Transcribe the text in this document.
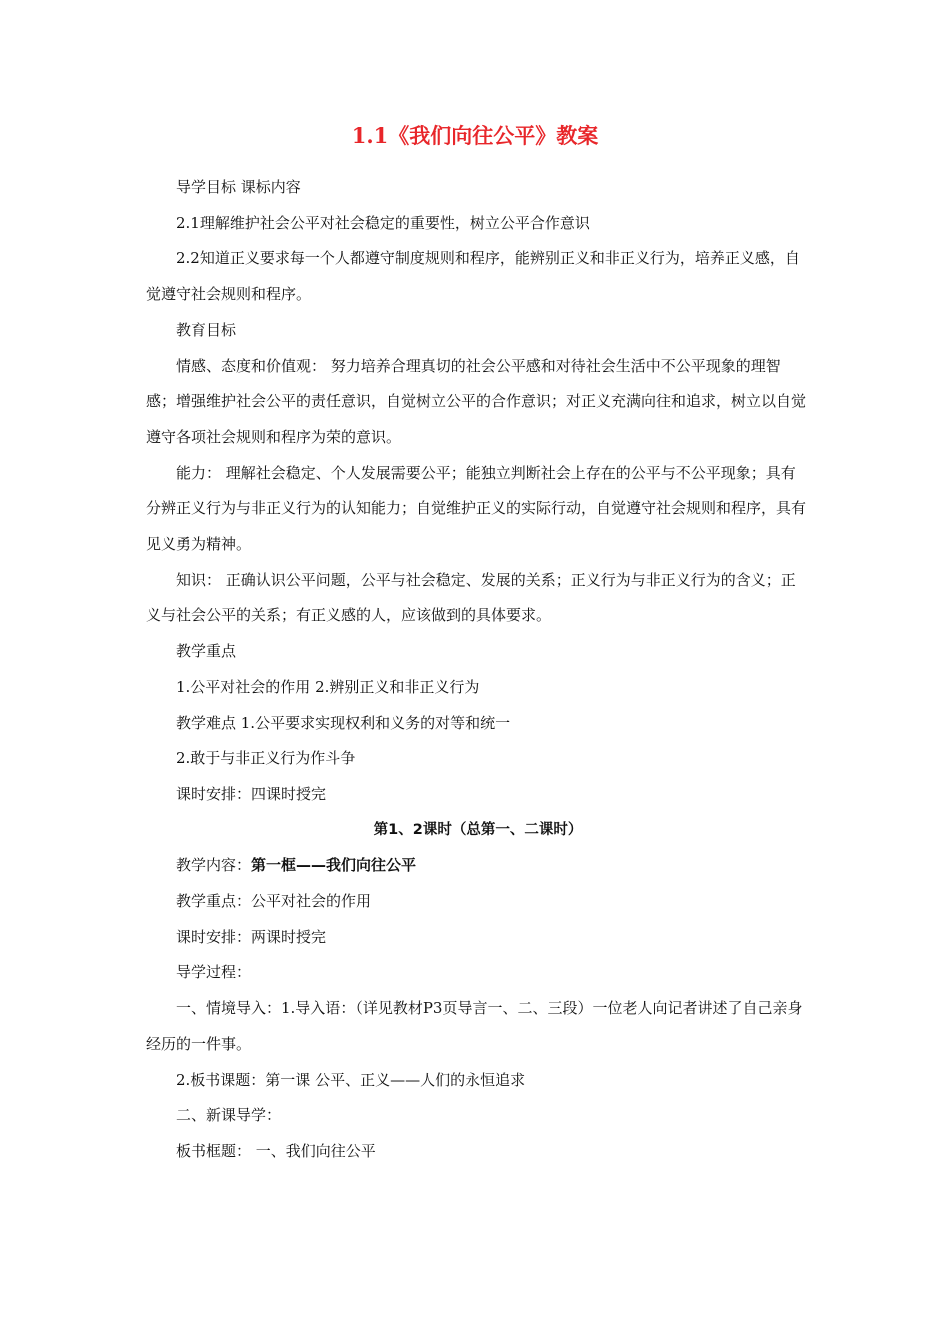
1.1《我们向往公平》教案

导学目标 课标内容

2.1理解维护社会公平对社会稳定的重要性，树立公平合作意识

2.2知道正义要求每一个人都遵守制度规则和程序，能辨别正义和非正义行为，培养正义感，自觉遵守社会规则和程序。

教育目标

情感、态度和价值观： 努力培养合理真切的社会公平感和对待社会生活中不公平现象的理智感；增强维护社会公平的责任意识，自觉树立公平的合作意识；对正义充满向往和追求，树立以自觉遵守各项社会规则和程序为荣的意识。

能力： 理解社会稳定、个人发展需要公平；能独立判断社会上存在的公平与不公平现象；具有分辨正义行为与非正义行为的认知能力；自觉维护正义的实际行动，自觉遵守社会规则和程序，具有见义勇为精神。

知识： 正确认识公平问题，公平与社会稳定、发展的关系；正义行为与非正义行为的含义；正义与社会公平的关系；有正义感的人，应该做到的具体要求。

教学重点

1.公平对社会的作用 2.辨别正义和非正义行为

教学难点 1.公平要求实现权利和义务的对等和统一

2.敢于与非正义行为作斗争

课时安排：四课时授完

第1、2课时（总第一、二课时）

教学内容：第一框——我们向往公平

教学重点：公平对社会的作用

课时安排：两课时授完

导学过程：

一、情境导入：1.导入语：（详见教材P3页导言一、二、三段）一位老人向记者讲述了自己亲身经历的一件事。

2.板书课题：第一课 公平、正义——人们的永恒追求

二、新课导学：

板书框题： 一、我们向往公平
